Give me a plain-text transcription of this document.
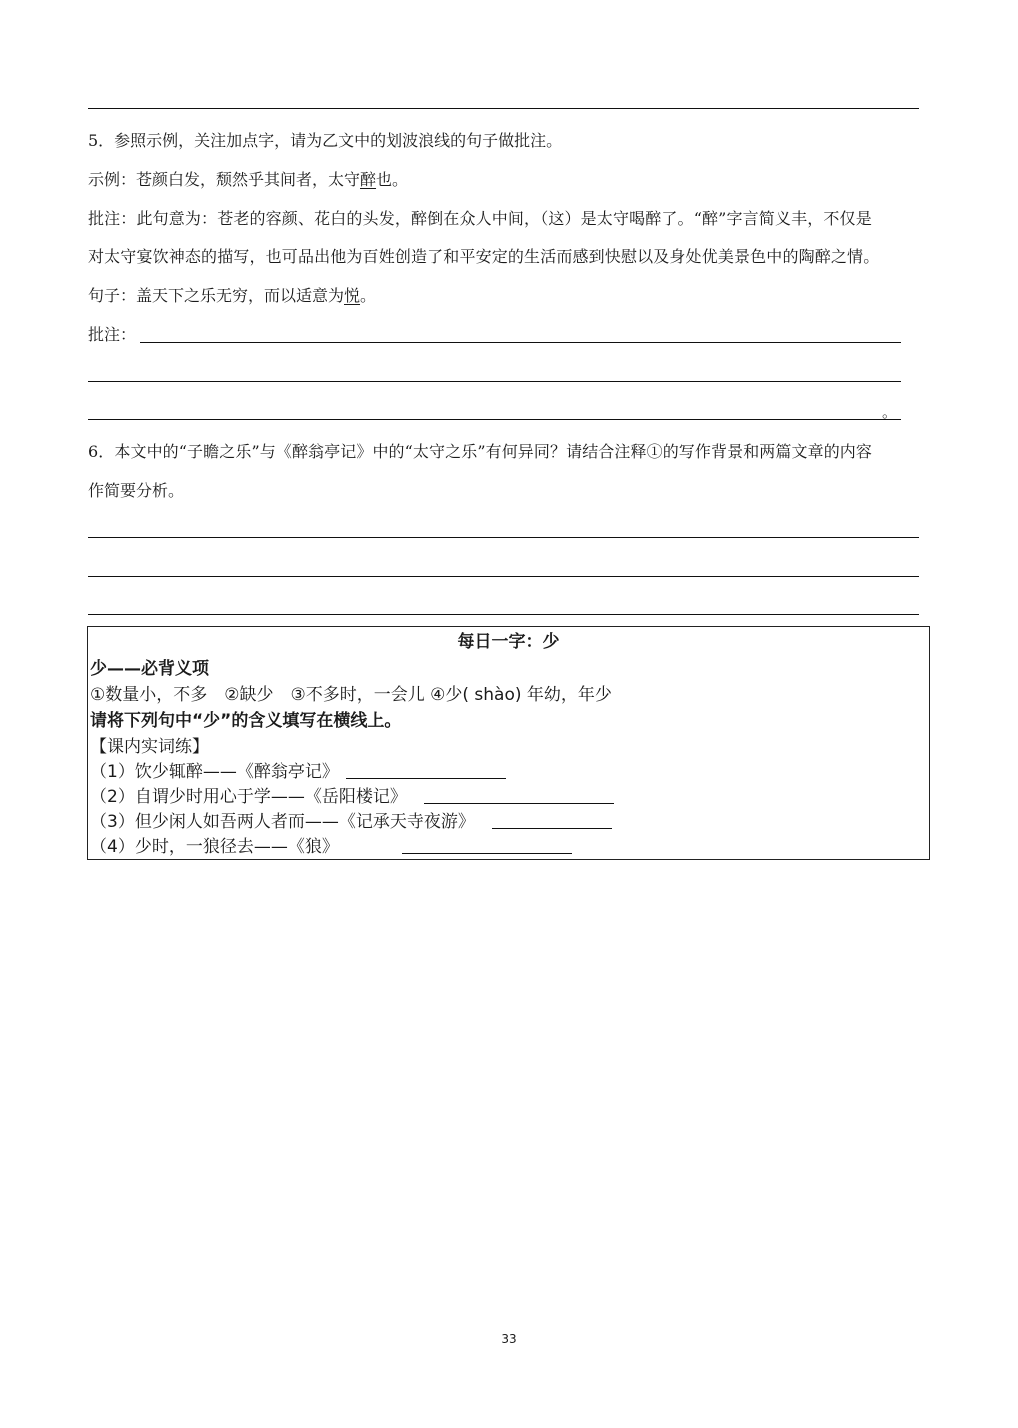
5．参照示例，关注加点字，请为乙文中的划波浪线的句子做批注。
示例：苍颜白发，颓然乎其间者，太守醉也。
批注：此句意为：苍老的容颜、花白的头发，醉倒在众人中间，（这）是太守喝醉了。“醉”字言简义丰，不仅是
对太守宴饮神态的描写，也可品出他为百姓创造了和平安定的生活而感到快慰以及身处优美景色中的陶醉之情。
句子：盖天下之乐无穷，而以适意为悦。
批注：
。
6．本文中的“子瞻之乐”与《醉翁亭记》中的“太守之乐”有何异同？请结合注释①的写作背景和两篇文章的内容
作简要分析。
每日一字：少
少——必背义项
①数量小，不多　②缺少　③不多时，一会儿 ④少( shào) 年幼，年少
请将下列句中“少”的含义填写在横线上。
【课内实词练】
（1）饮少辄醉——《醉翁亭记》
（2）自谓少时用心于学——《岳阳楼记》
（3）但少闲人如吾两人者而——《记承天寺夜游》
（4）少时，一狼径去——《狼》
33
